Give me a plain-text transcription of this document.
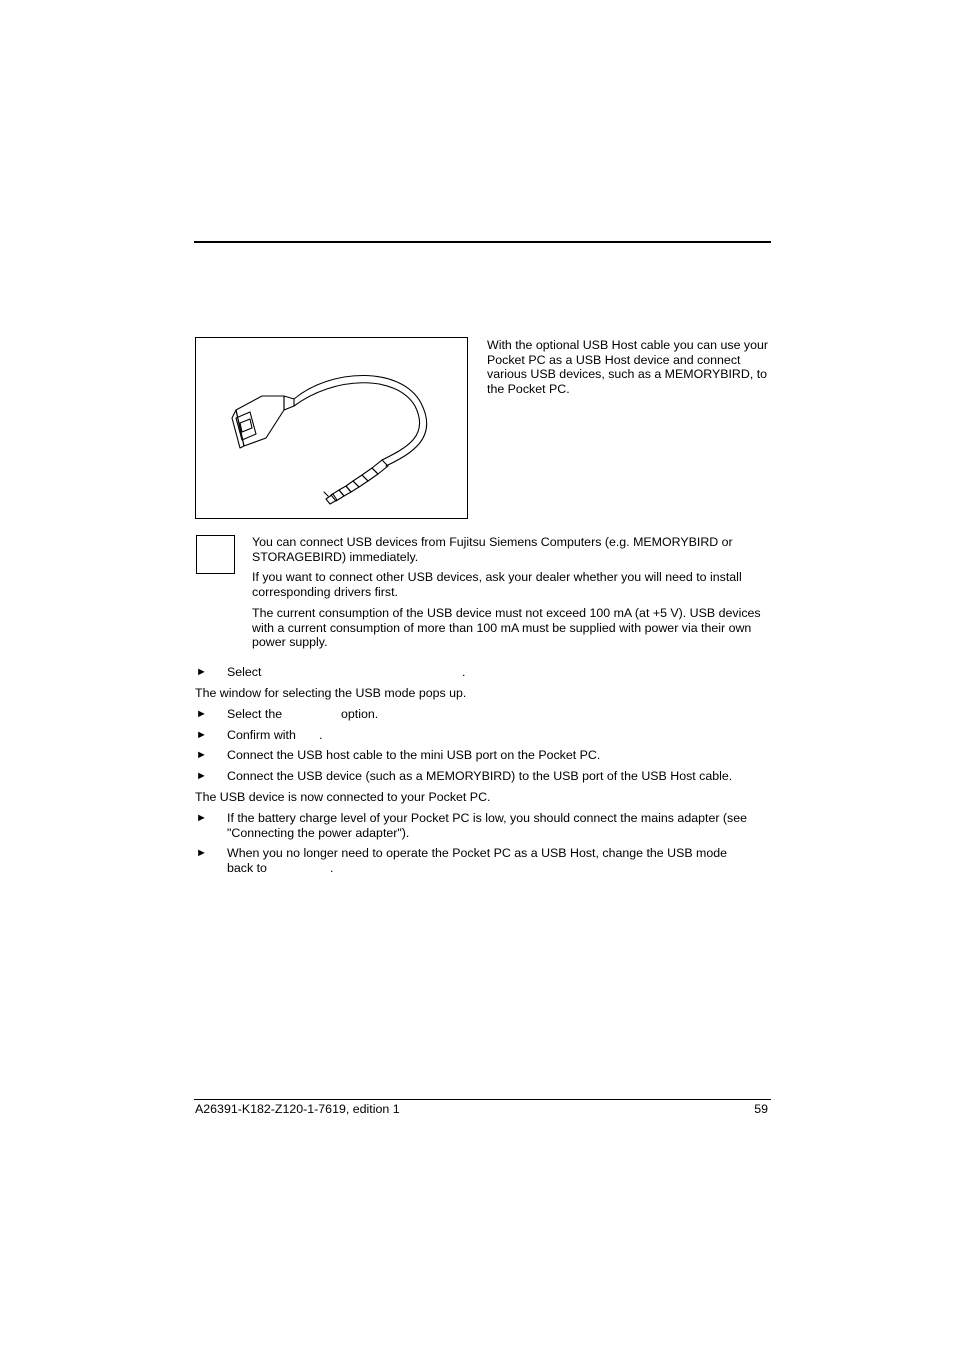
With the optional USB Host cable you can use your Pocket PC as a USB Host device and connect various USB devices, such as a MEMORYBIRD, to the Pocket PC.
You can connect USB devices from Fujitsu Siemens Computers (e.g. MEMORYBIRD or STORAGEBIRD) immediately.
If you want to connect other USB devices, ask your dealer whether you will need to install corresponding drivers first.
The current consumption of the USB device must not exceed 100 mA (at +5 V). USB devices with a current consumption of more than 100 mA must be supplied with power via their own power supply.
► Select	.
The window for selecting the USB mode pops up.
► Select the	option.
► Confirm with .
► Connect the USB host cable to the mini USB port on the Pocket PC.
► Connect the USB device (such as a MEMORYBIRD) to the USB port of the USB Host cable.
The USB device is now connected to your Pocket PC.
► If the battery charge level of your Pocket PC is low, you should connect the mains adapter (see "Connecting the power adapter").
► When you no longer need to operate the Pocket PC as a USB Host, change the USB mode
back to	.
A26391-K182-Z120-1-7619, edition 1	59
